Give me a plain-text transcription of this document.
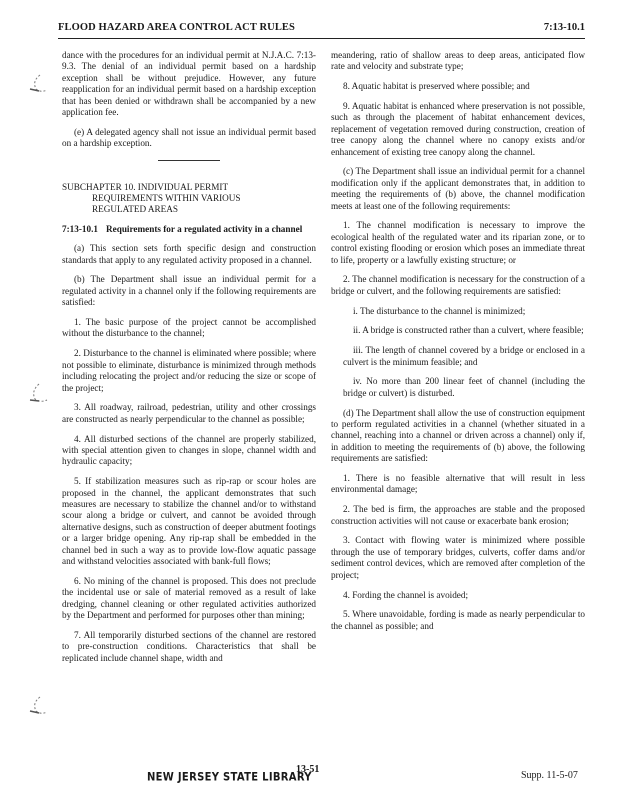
FLOOD HAZARD AREA CONTROL ACT RULES	7:13-10.1

dance with the procedures for an individual permit at N.J.A.C. 7:13-9.3. The denial of an individual permit based on a hardship exception shall be without prejudice. However, any future reapplication for an individual permit based on a hardship exception that has been denied or withdrawn shall be accompanied by a new application fee.

(e) A delegated agency shall not issue an individual permit based on a hardship exception.

SUBCHAPTER 10. INDIVIDUAL PERMIT
REQUIREMENTS WITHIN VARIOUS
REGULATED AREAS
7:13-10.1 Requirements for a regulated activity in a channel

(a) This section sets forth specific design and construction standards that apply to any regulated activity proposed in a channel.

(b) The Department shall issue an individual permit for a regulated activity in a channel only if the following requirements are satisfied:

1. The basic purpose of the project cannot be accomplished without the disturbance to the channel;

2. Disturbance to the channel is eliminated where possible; where not possible to eliminate, disturbance is minimized through methods including relocating the project and/or reducing the size or scope of the project;

3. All roadway, railroad, pedestrian, utility and other crossings are constructed as nearly perpendicular to the channel as possible;

4. All disturbed sections of the channel are properly stabilized, with special attention given to changes in slope, channel width and hydraulic capacity;

5. If stabilization measures such as rip-rap or scour holes are proposed in the channel, the applicant demonstrates that such measures are necessary to stabilize the channel and/or to withstand scour along a bridge or culvert, and cannot be avoided through alternative designs, such as construction of deeper abutment footings or a larger bridge opening. Any rip-rap shall be embedded in the channel bed in such a way as to provide low-flow aquatic passage and withstand velocities associated with bank-full flows;

6. No mining of the channel is proposed. This does not preclude the incidental use or sale of material removed as a result of lake dredging, channel cleaning or other regulated activities authorized by the Department and performed for purposes other than mining;

7. All temporarily disturbed sections of the channel are restored to pre-construction conditions. Characteristics that shall be replicated include channel shape, width and

meandering, ratio of shallow areas to deep areas, anticipated flow rate and velocity and substrate type;

8. Aquatic habitat is preserved where possible; and

9. Aquatic habitat is enhanced where preservation is not possible, such as through the placement of habitat enhancement devices, replacement of vegetation removed during construction, creation of tree canopy along the channel where no canopy exists and/or enhancement of existing tree canopy along the channel.

(c) The Department shall issue an individual permit for a channel modification only if the applicant demonstrates that, in addition to meeting the requirements of (b) above, the channel modification meets at least one of the following requirements:

1. The channel modification is necessary to improve the ecological health of the regulated water and its riparian zone, or to control existing flooding or erosion which poses an immediate threat to life, property or a lawfully existing structure; or

2. The channel modification is necessary for the construction of a bridge or culvert, and the following requirements are satisfied:

i. The disturbance to the channel is minimized;

ii. A bridge is constructed rather than a culvert, where feasible;

iii. The length of channel covered by a bridge or enclosed in a culvert is the minimum feasible; and

iv. No more than 200 linear feet of channel (including the bridge or culvert) is disturbed.

(d) The Department shall allow the use of construction equipment to perform regulated activities in a channel (whether situated in a channel, reaching into a channel or driven across a channel) only if, in addition to meeting the requirements of (b) above, the following requirements are satisfied:

1. There is no feasible alternative that will result in less environmental damage;

2. The bed is firm, the approaches are stable and the proposed construction activities will not cause or exacerbate bank erosion;

3. Contact with flowing water is minimized where possible through the use of temporary bridges, culverts, coffer dams and/or sediment control devices, which are removed after completion of the project;

4. Fording the channel is avoided;

5. Where unavoidable, fording is made as nearly perpendicular to the channel as possible; and

NEW JERSEY STATE LIBRARY
13-51
Supp. 11-5-07
